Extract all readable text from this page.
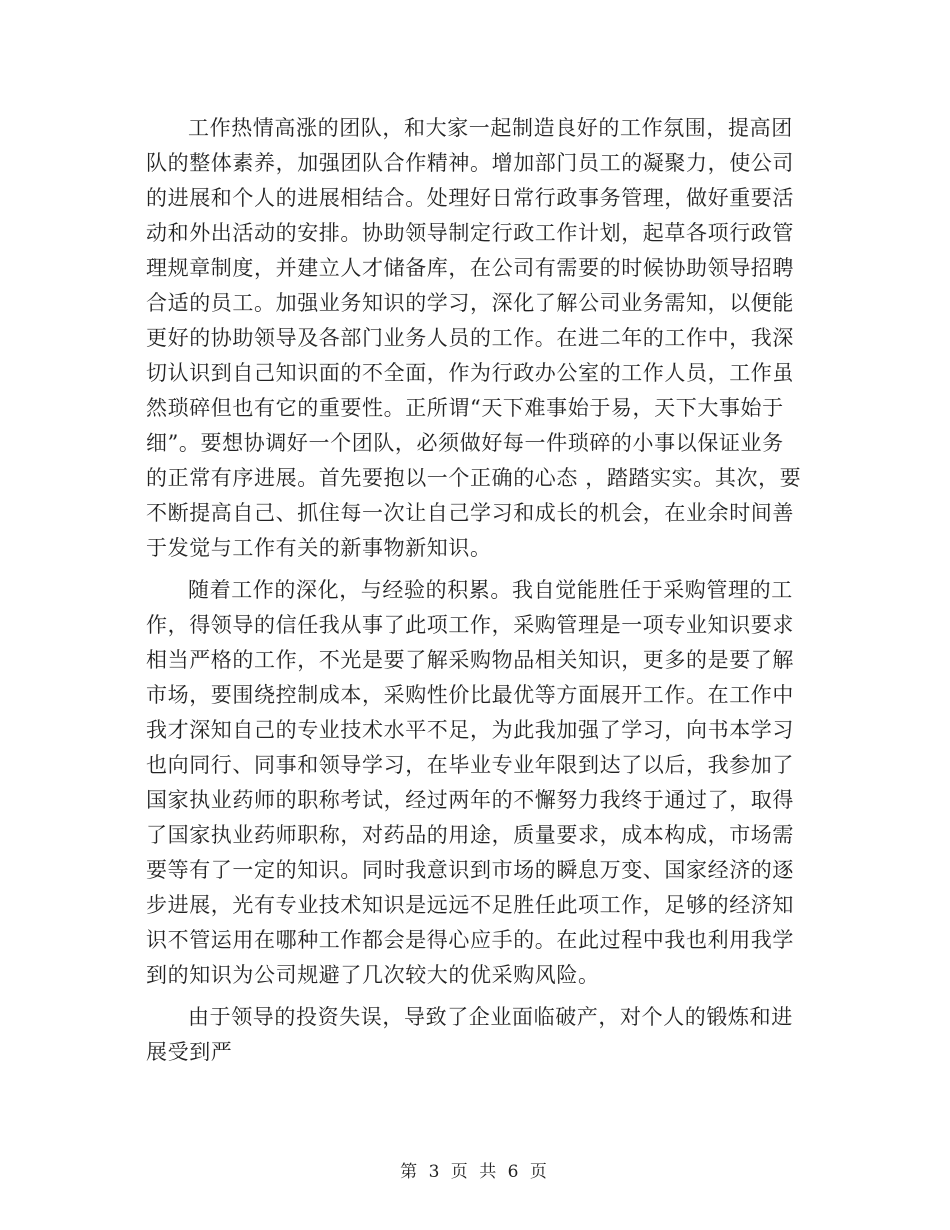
工作热情高涨的团队，和大家一起制造良好的工作氛围，提高团
队的整体素养，加强团队合作精神。增加部门员工的凝聚力，使公司
的进展和个人的进展相结合。处理好日常行政事务管理，做好重要活
动和外出活动的安排。协助领导制定行政工作计划，起草各项行政管
理规章制度，并建立人才储备库，在公司有需要的时候协助领导招聘
合适的员工。加强业务知识的学习，深化了解公司业务需知，以便能
更好的协助领导及各部门业务人员的工作。在进二年的工作中，我深
切认识到自己知识面的不全面，作为行政办公室的工作人员，工作虽
然琐碎但也有它的重要性。正所谓“天下难事始于易，天下大事始于
细”。要想协调好一个团队，必须做好每一件琐碎的小事以保证业务
的正常有序进展。首先要抱以一个正确的心态 ，踏踏实实。其次，要
不断提高自己、抓住每一次让自己学习和成长的机会，在业余时间善
于发觉与工作有关的新事物新知识。
随着工作的深化，与经验的积累。我自觉能胜任于采购管理的工
作，得领导的信任我从事了此项工作，采购管理是一项专业知识要求
相当严格的工作，不光是要了解采购物品相关知识，更多的是要了解
市场，要围绕控制成本，采购性价比最优等方面展开工作。在工作中
我才深知自己的专业技术水平不足，为此我加强了学习，向书本学习
也向同行、同事和领导学习，在毕业专业年限到达了以后，我参加了
国家执业药师的职称考试，经过两年的不懈努力我终于通过了，取得
了国家执业药师职称，对药品的用途，质量要求，成本构成，市场需
要等有了一定的知识。同时我意识到市场的瞬息万变、国家经济的逐
步进展，光有专业技术知识是远远不足胜任此项工作，足够的经济知
识不管运用在哪种工作都会是得心应手的。在此过程中我也利用我学
到的知识为公司规避了几次较大的优采购风险。
由于领导的投资失误，导致了企业面临破产，对个人的锻炼和进
展受到严
第 3 页 共 6 页
